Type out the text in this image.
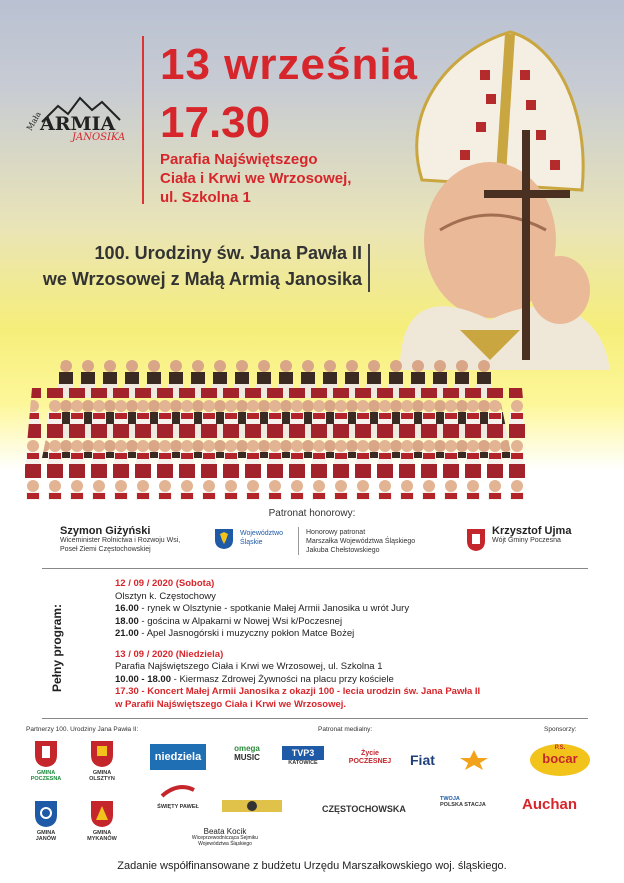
Mała
ARMIA
JANOSIKA
13 września
17.30
Parafia Najświętszego
Ciała i Krwi we Wrzosowej,
ul. Szkolna 1
100. Urodziny św. Jana Pawła II
we Wrzosowej z Małą Armią Janosika
Patronat honorowy:
Szymon Giżyński
Wiceminister Rolnictwa i Rozwoju Wsi,
Poseł Ziemi Częstochowskiej
Województwo
Śląskie
Honorowy patronat
Marszałka Województwa Śląskiego
Jakuba Chełstowskiego
Krzysztof Ujma
Wójt Gminy Poczesna
Pełny program:
12 / 09 / 2020 (Sobota)
Olsztyn k. Częstochowy
16.00 - rynek w Olsztynie - spotkanie Małej Armii Janosika u wrót Jury
18.00 - gościna w Alpakarni w Nowej Wsi k/Poczesnej
21.00 - Apel Jasnogórski i muzyczny pokłon Matce Bożej
13 / 09 / 2020 (Niedziela)
Parafia Najświętszego Ciała i Krwi we Wrzosowej, ul. Szkolna 1
10.00 - 18.00 - Kiermasz Zdrowej Żywności na placu przy kościele
17.30 - Koncert Małej Armii Janosika z okazji 100 - lecia urodzin św. Jana Pawła II
w Parafii Najświętszego Ciała i Krwi we Wrzosowej.
Partnerzy 100. Urodziny Jana Pawła II:	Patronat medialny:	Sponsorzy:
GMINA
POCZESNA
GMINA
OLSZTYN
GMINA
JANÓW
GMINA
MYKANÓW
niedziela
ŚWIĘTY PAWEŁ
Beata Kocik
Wiceprzewodnicząca Sejmiku
Województwa Śląskiego
omega
MUSIC	TVP3
KATOWICE
Życie
POCZESNEJ	Fiat
CZĘSTOCHOWSKA
TWOJA
POLSKA STACJA
P.S.
bocar
Auchan
Zadanie współfinansowane z budżetu Urzędu Marszałkowskiego woj. śląskiego.
